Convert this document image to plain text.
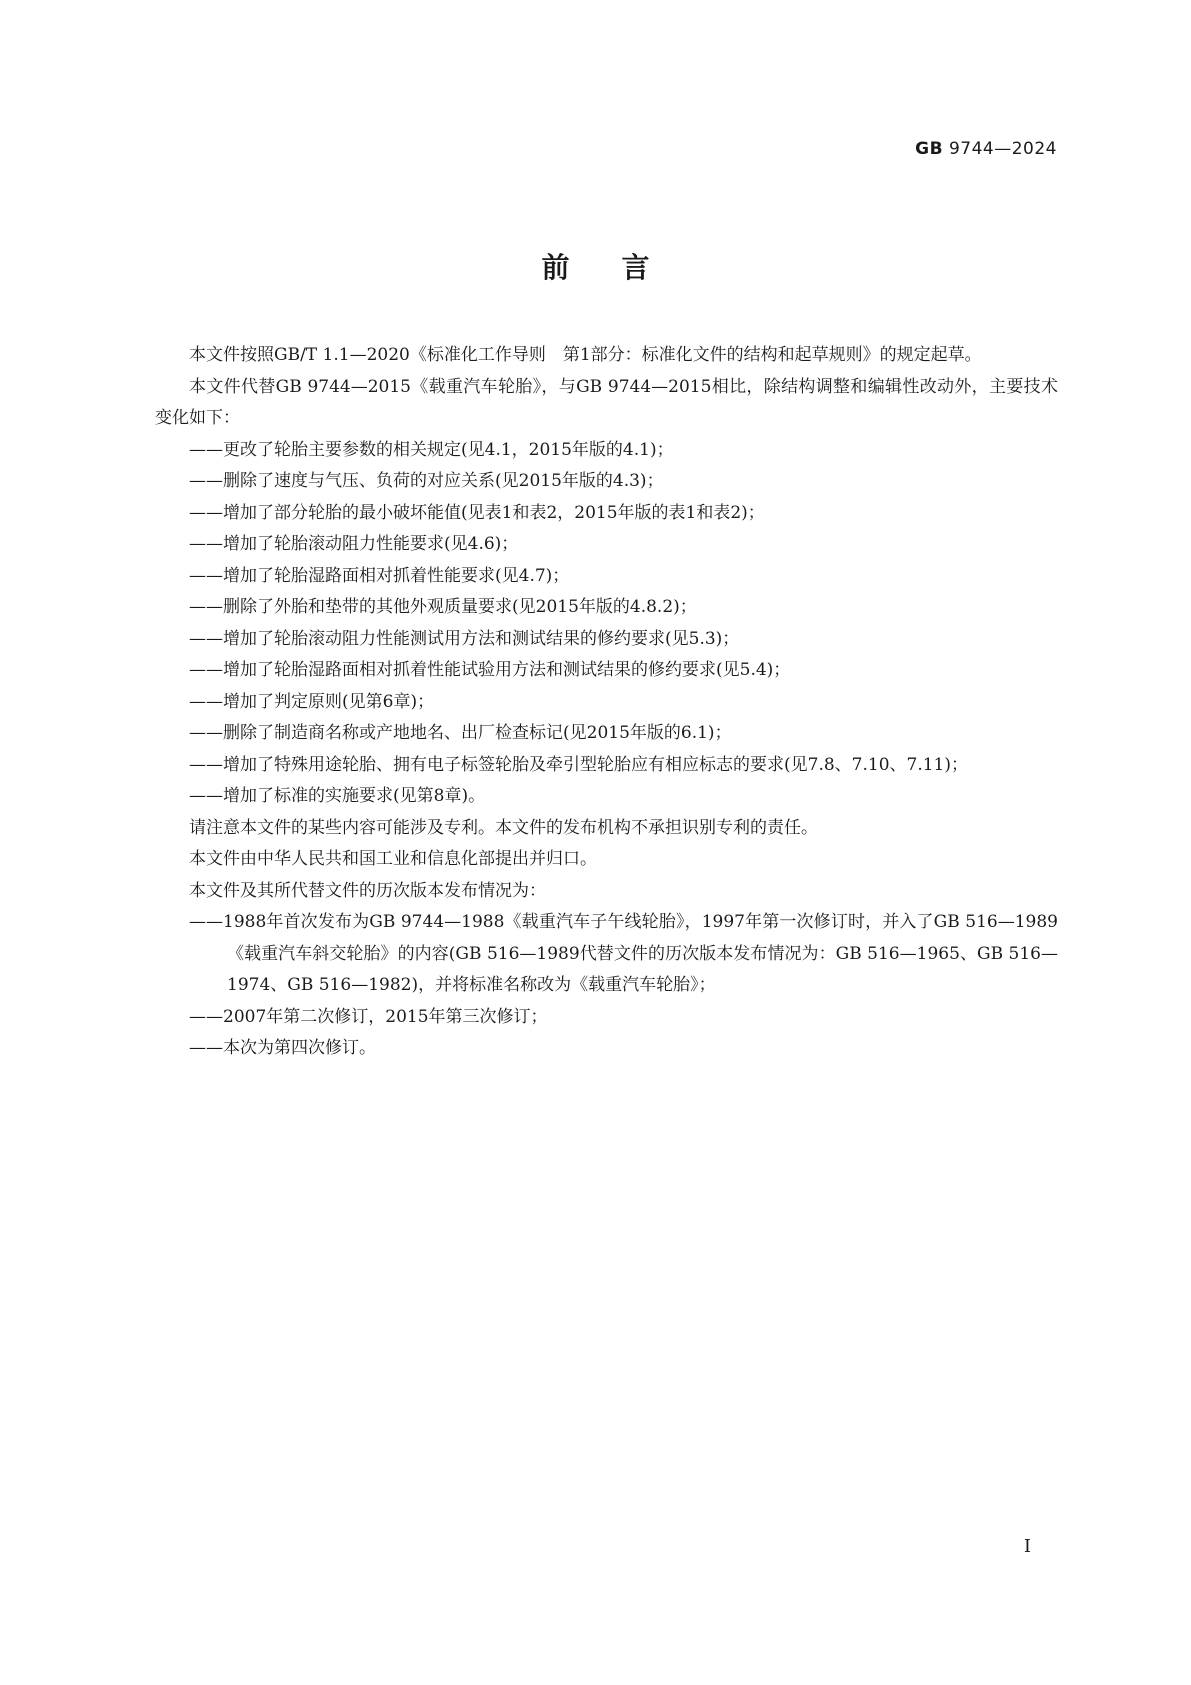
GB 9744—2024
前言

本文件按照GB/T 1.1—2020《标准化工作导则　第1部分：标准化文件的结构和起草规则》的规定起草。

本文件代替GB 9744—2015《载重汽车轮胎》，与GB 9744—2015相比，除结构调整和编辑性改动外，主要技术变化如下：

——更改了轮胎主要参数的相关规定(见4.1，2015年版的4.1)；

——删除了速度与气压、负荷的对应关系(见2015年版的4.3)；

——增加了部分轮胎的最小破坏能值(见表1和表2，2015年版的表1和表2)；

——增加了轮胎滚动阻力性能要求(见4.6)；

——增加了轮胎湿路面相对抓着性能要求(见4.7)；

——删除了外胎和垫带的其他外观质量要求(见2015年版的4.8.2)；

——增加了轮胎滚动阻力性能测试用方法和测试结果的修约要求(见5.3)；

——增加了轮胎湿路面相对抓着性能试验用方法和测试结果的修约要求(见5.4)；

——增加了判定原则(见第6章)；

——删除了制造商名称或产地地名、出厂检查标记(见2015年版的6.1)；

——增加了特殊用途轮胎、拥有电子标签轮胎及牵引型轮胎应有相应标志的要求(见7.8、7.10、7.11)；

——增加了标准的实施要求(见第8章)。

请注意本文件的某些内容可能涉及专利。本文件的发布机构不承担识别专利的责任。

本文件由中华人民共和国工业和信息化部提出并归口。

本文件及其所代替文件的历次版本发布情况为：

——1988年首次发布为GB 9744—1988《载重汽车子午线轮胎》，1997年第一次修订时，并入了GB 516—1989《载重汽车斜交轮胎》的内容(GB 516—1989代替文件的历次版本发布情况为：GB 516—1965、GB 516—1974、GB 516—1982)，并将标准名称改为《载重汽车轮胎》；

——2007年第二次修订，2015年第三次修订；

——本次为第四次修订。

I
